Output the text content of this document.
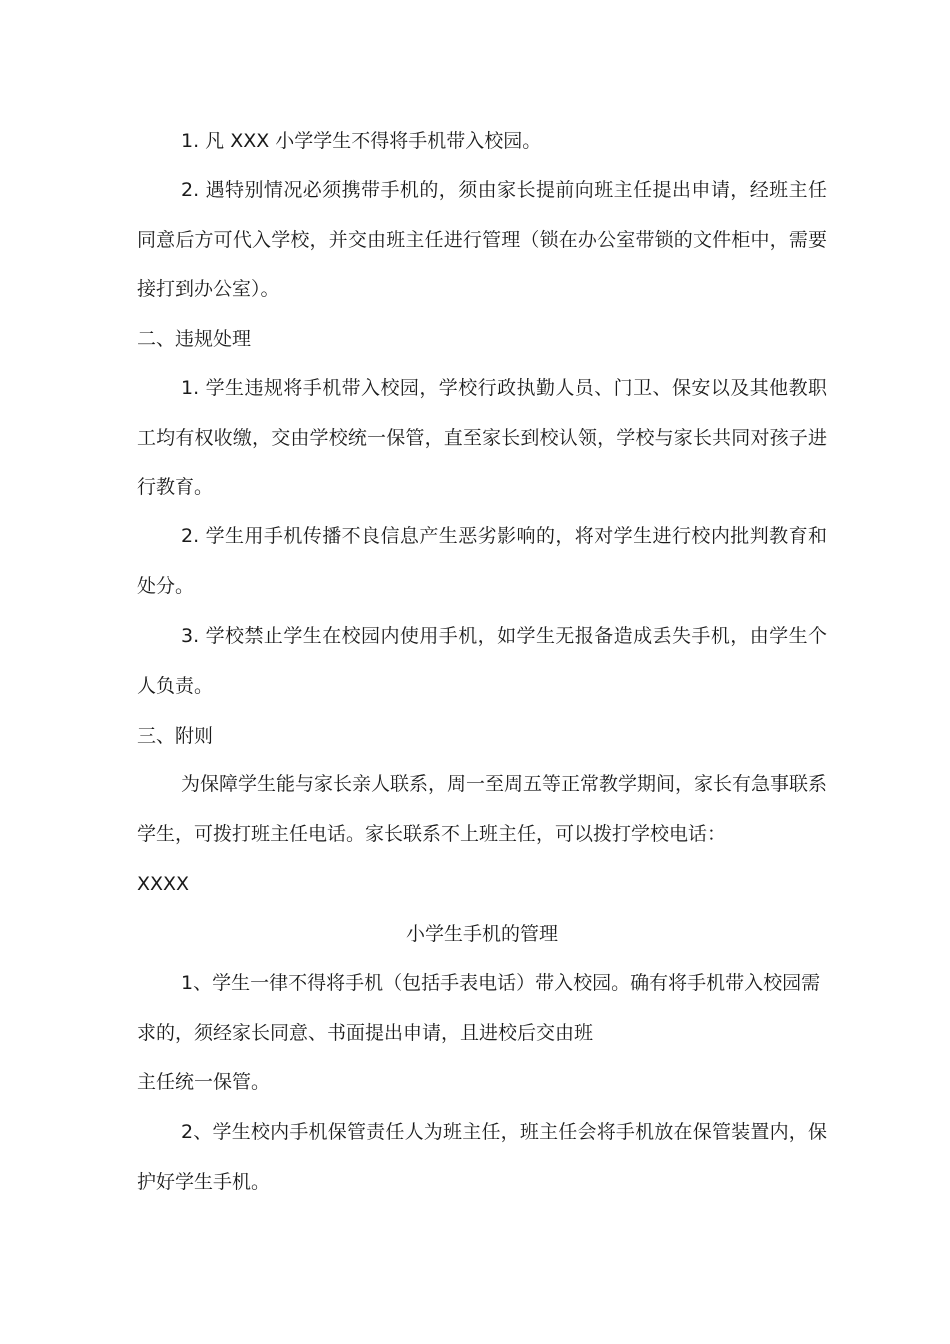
1. 凡 XXX 小学学生不得将手机带入校园。

2. 遇特别情况必须携带手机的，须由家长提前向班主任提出申请，经班主任同意后方可代入学校，并交由班主任进行管理（锁在办公室带锁的文件柜中，需要接打到办公室）。

二、违规处理

1. 学生违规将手机带入校园，学校行政执勤人员、门卫、保安以及其他教职工均有权收缴，交由学校统一保管，直至家长到校认领，学校与家长共同对孩子进行教育。

2. 学生用手机传播不良信息产生恶劣影响的，将对学生进行校内批判教育和处分。

3. 学校禁止学生在校园内使用手机，如学生无报备造成丢失手机，由学生个人负责。

三、附则

为保障学生能与家长亲人联系，周一至周五等正常教学期间，家长有急事联系学生，可拨打班主任电话。家长联系不上班主任，可以拨打学校电话：

XXXX

小学生手机的管理

1、学生一律不得将手机（包括手表电话）带入校园。确有将手机带入校园需求的，须经家长同意、书面提出申请，且进校后交由班

主任统一保管。

2、学生校内手机保管责任人为班主任，班主任会将手机放在保管装置内，保护好学生手机。
